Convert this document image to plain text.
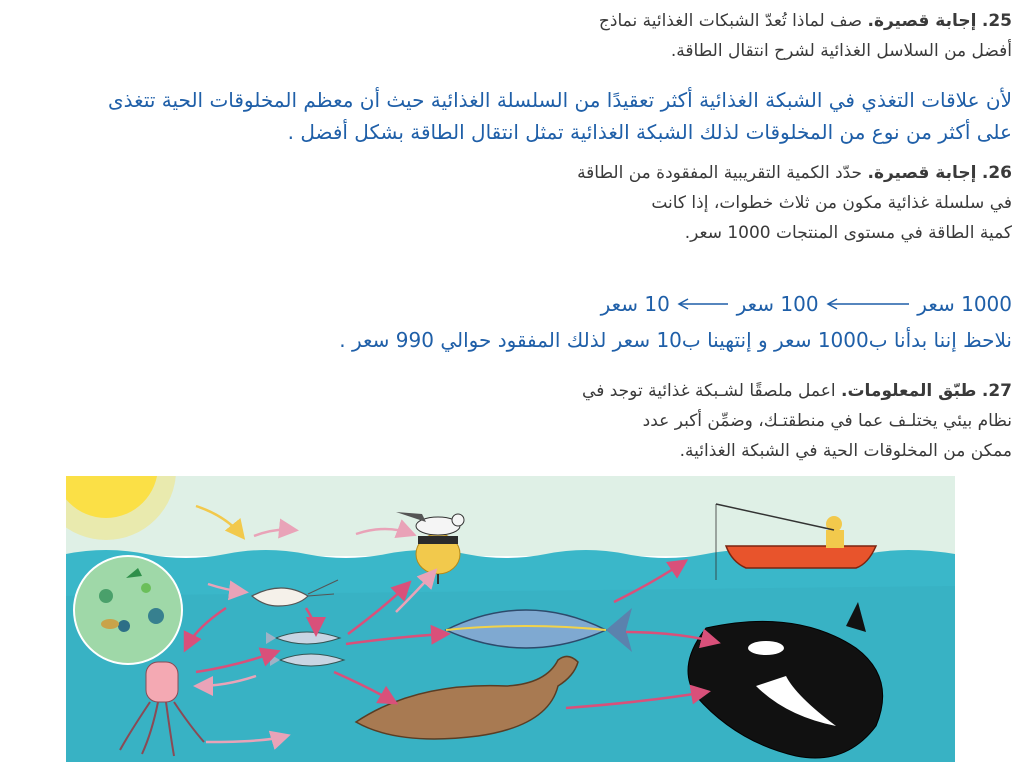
25. إجابة قصيرة. صف لماذا تُعدّ الشبكات الغذائية نماذج
أفضل من السلاسل الغذائية لشرح انتقال الطاقة.
لأن علاقات التغذي في الشبكة الغذائية أكثر تعقيدًا من السلسلة الغذائية حيث أن معظم المخلوقات الحية تتغذى
على أكثر من نوع من المخلوقات لذلك الشبكة الغذائية تمثل انتقال الطاقة بشكل أفضل .
26. إجابة قصيرة. حدّد الكمية التقريبية المفقودة من الطاقة
في سلسلة غذائية مكون من ثلاث خطوات، إذا كانت
كمية الطاقة في مستوى المنتجات 1000 سعر.
1000 سعر  100 سعر  10 سعر
نلاحظ إننا بدأنا ب1000 سعر و إنتهينا ب10 سعر لذلك المفقود حوالي 990 سعر .
27. طبّق المعلومات. اعمل ملصقًا لشـبكة غذائية توجد في
نظام بيئي يختلـف عما في منطقتـك، وضمِّن أكبر عدد
ممكن من المخلوقات الحية في الشبكة الغذائية.
